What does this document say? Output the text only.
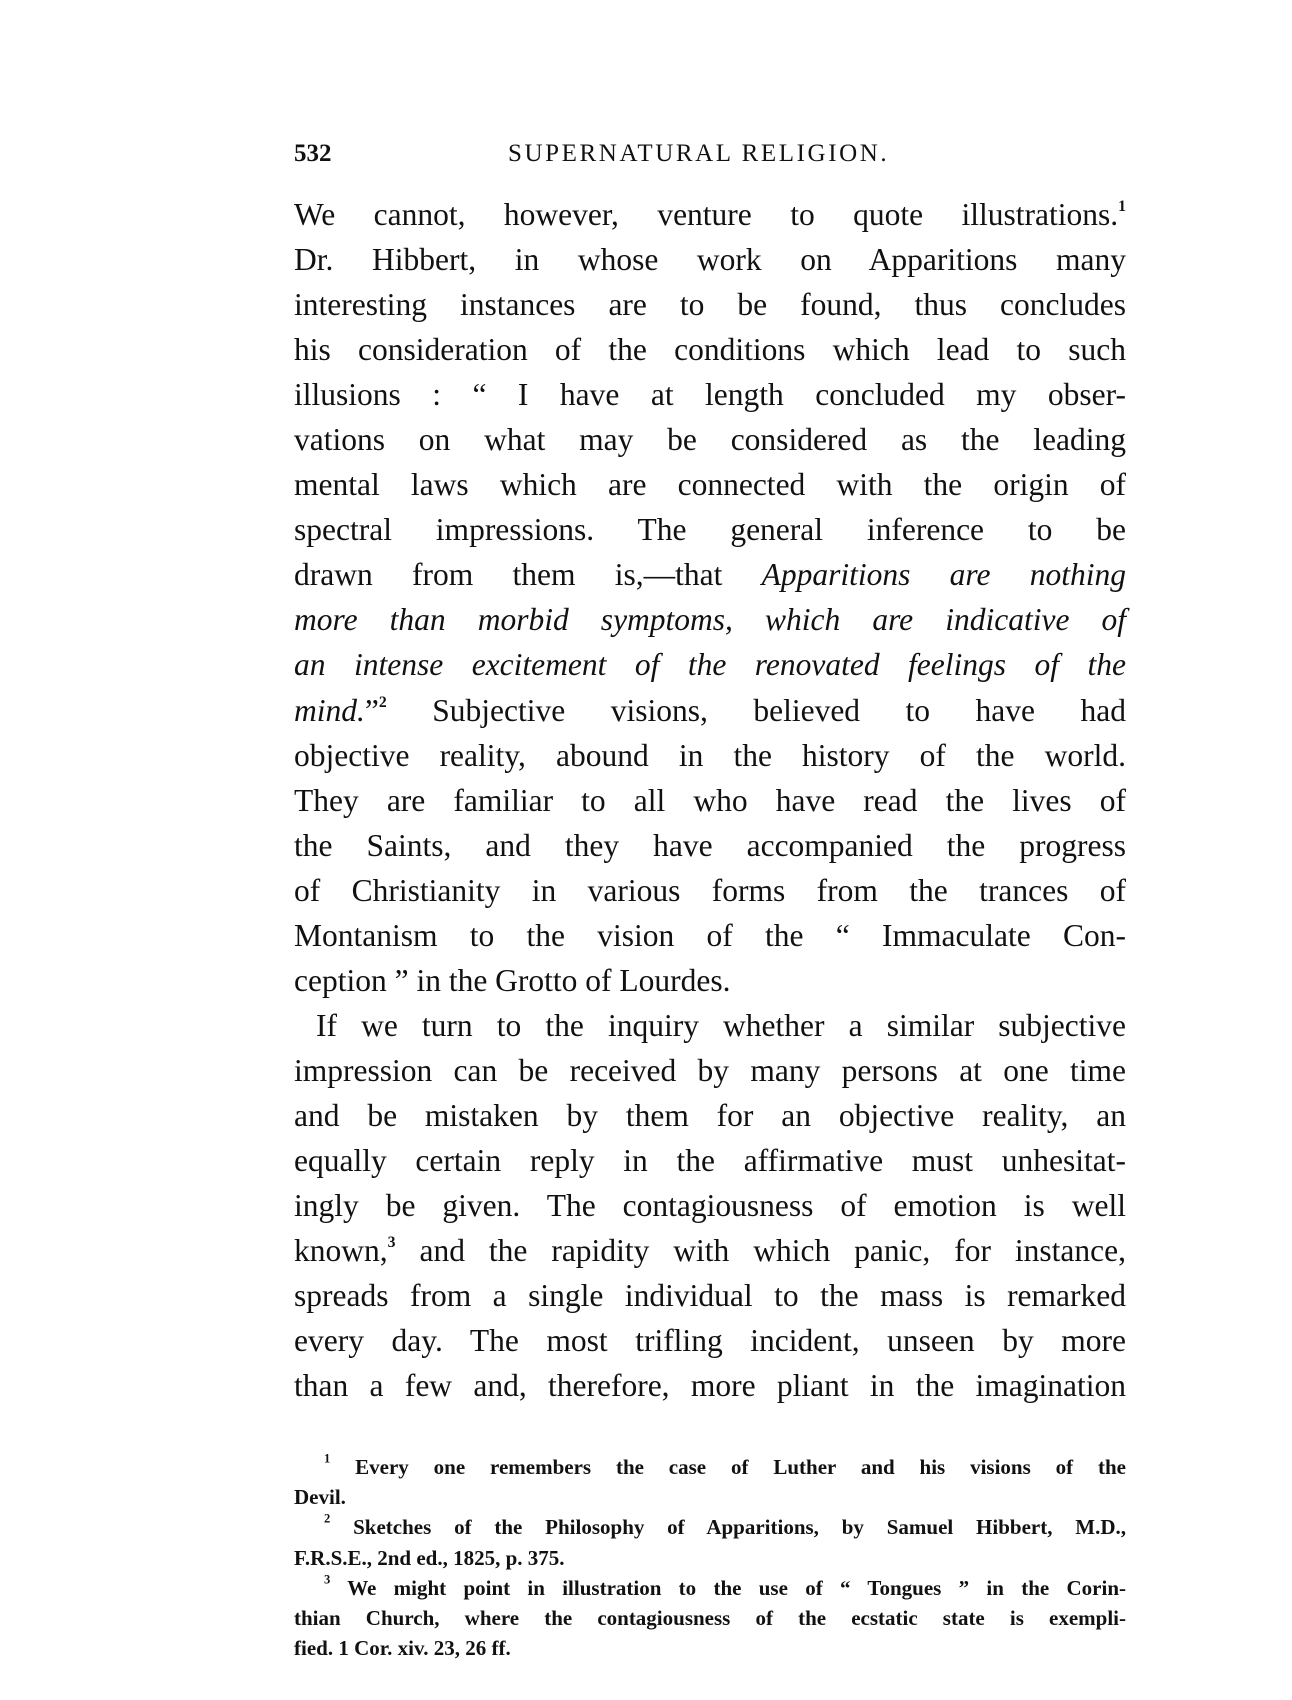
532	SUPERNATURAL RELIGION.
We cannot, however, venture to quote illustrations.$^1$
Dr. Hibbert, in whose work on Apparitions many
interesting instances are to be found, thus concludes
his consideration of the conditions which lead to such
illusions : “ I have at length concluded my obser-
vations on what may be considered as the leading
mental laws which are connected with the origin of
spectral impressions. The general inference to be
drawn from them is,—that Apparitions are nothing
more than morbid symptoms, which are indicative of
an intense excitement of the renovated feelings of the
mind.”$^2$ Subjective visions, believed to have had
objective reality, abound in the history of the world.
They are familiar to all who have read the lives of
the Saints, and they have accompanied the progress
of Christianity in various forms from the trances of
Montanism to the vision of the “ Immaculate Con-
ception ” in the Grotto of Lourdes.
If we turn to the inquiry whether a similar subjective
impression can be received by many persons at one time
and be mistaken by them for an objective reality, an
equally certain reply in the affirmative must unhesitat-
ingly be given. The contagiousness of emotion is well
known,$^3$ and the rapidity with which panic, for instance,
spreads from a single individual to the mass is remarked
every day. The most trifling incident, unseen by more
than a few and, therefore, more pliant in the imagination
$^1$ Every one remembers the case of Luther and his visions of the
Devil.
$^2$ Sketches of the Philosophy of Apparitions, by Samuel Hibbert, M.D.,
F.R.S.E., 2nd ed., 1825, p. 375.
$^3$ We might point in illustration to the use of “ Tongues ” in the Corin-
thian Church, where the contagiousness of the ecstatic state is exempli-
fied. 1 Cor. xiv. 23, 26 ff.
